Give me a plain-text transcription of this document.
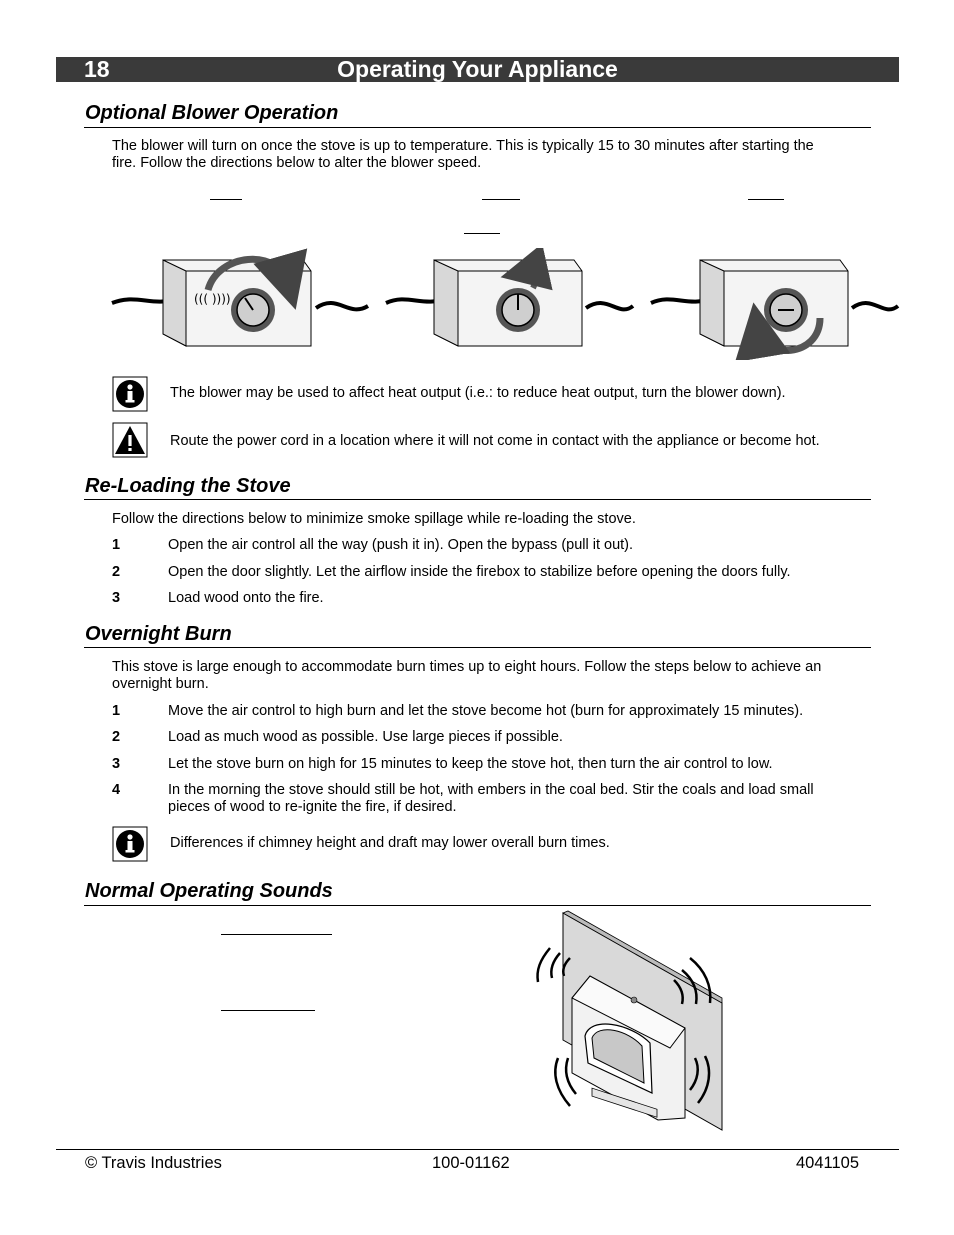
18	Operating Your Appliance
Optional Blower Operation
The blower will turn on once the stove is up to temperature. This is typically 15 to 30 minutes after starting the fire. Follow the directions below to alter the blower speed.
((( ))))
The blower may be used to affect heat output (i.e.: to reduce heat output, turn the blower down).
Route the power cord in a location where it will not come in contact with the appliance or become hot.
Re-Loading the Stove
Follow the directions below to minimize smoke spillage while re-loading the stove.
1	Open the air control all the way (push it in). Open the bypass (pull it out).
2	Open the door slightly. Let the airflow inside the firebox to stabilize before opening the doors fully.
3	Load wood onto the fire.
Overnight Burn
This stove is large enough to accommodate burn times up to eight hours. Follow the steps below to achieve an overnight burn.
1	Move the air control to high burn and let the stove become hot (burn for approximately 15 minutes).
2	Load as much wood as possible. Use large pieces if possible.
3	Let the stove burn on high for 15 minutes to keep the stove hot, then turn the air control to low.
4	In the morning the stove should still be hot, with embers in the coal bed. Stir the coals and load small pieces of wood to re-ignite the fire, if desired.
Differences if chimney height and draft may lower overall burn times.
Normal Operating Sounds
© Travis Industries	100-01162	4041105
